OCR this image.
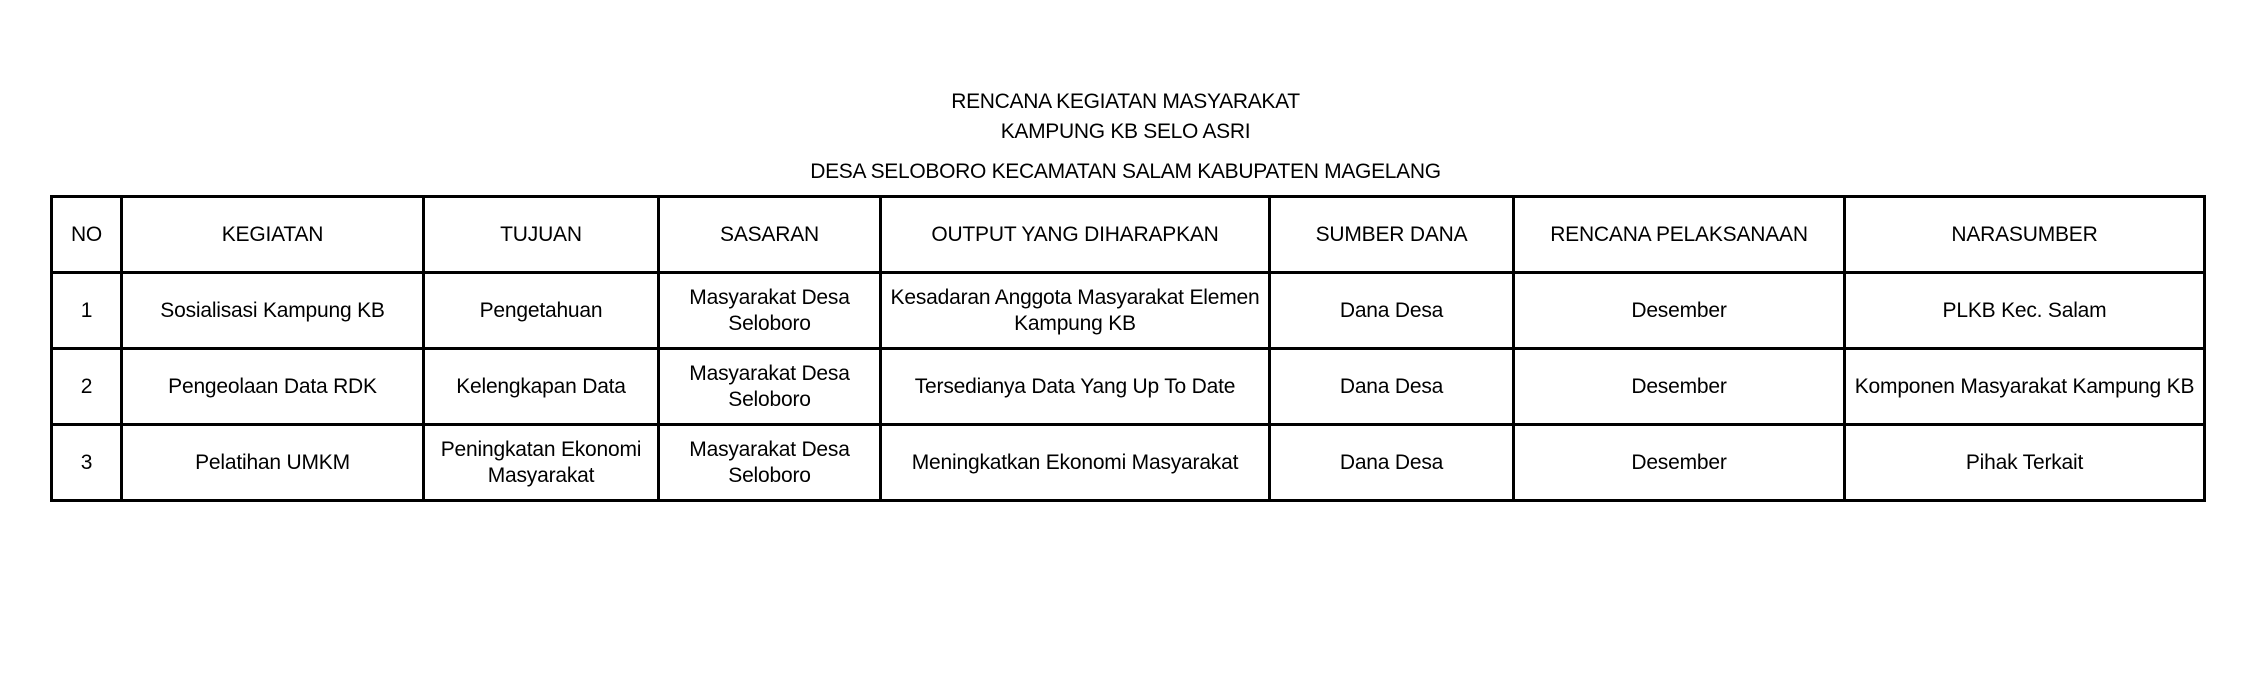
RENCANA KEGIATAN MASYARAKAT
KAMPUNG KB SELO ASRI
DESA SELOBORO KECAMATAN SALAM KABUPATEN MAGELANG
NO	KEGIATAN	TUJUAN	SASARAN	OUTPUT YANG DIHARAPKAN	SUMBER DANA	RENCANA PELAKSANAAN	NARASUMBER
1	Sosialisasi Kampung KB	Pengetahuan	Masyarakat Desa Seloboro	Kesadaran Anggota Masyarakat Elemen Kampung KB	Dana Desa	Desember	PLKB Kec. Salam
2	Pengeolaan Data RDK	Kelengkapan Data	Masyarakat Desa Seloboro	Tersedianya Data Yang Up To Date	Dana Desa	Desember	Komponen Masyarakat Kampung KB
3	Pelatihan UMKM	Peningkatan Ekonomi Masyarakat	Masyarakat Desa Seloboro	Meningkatkan Ekonomi Masyarakat	Dana Desa	Desember	Pihak Terkait
